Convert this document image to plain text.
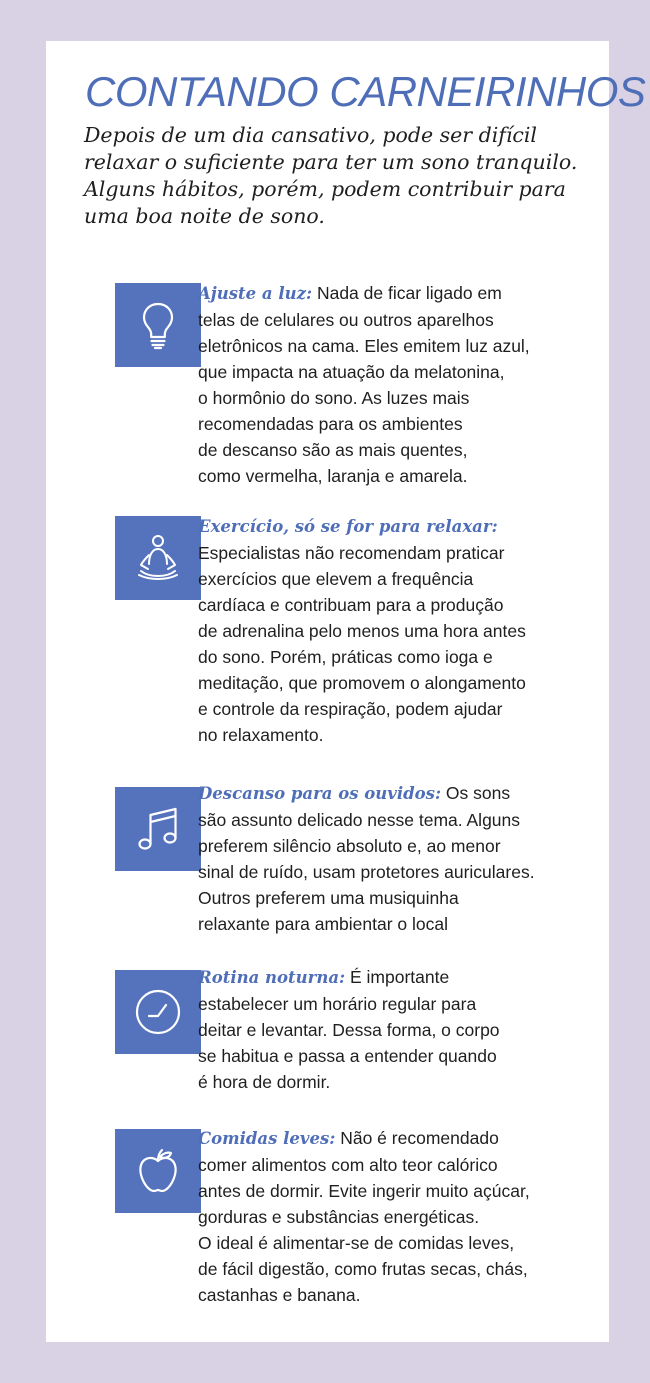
CONTANDO CARNEIRINHOS

Depois de um dia cansativo, pode ser difícil relaxar o suficiente para ter um sono tranquilo. Alguns hábitos, porém, podem contribuir para uma boa noite de sono.

Ajuste a luz: Nada de ficar ligado em
telas de celulares ou outros aparelhos
eletrônicos na cama. Eles emitem luz azul,
que impacta na atuação da melatonina,
o hormônio do sono. As luzes mais
recomendadas para os ambientes
de descanso são as mais quentes,
como vermelha, laranja e amarela.
Exercício, só se for para relaxar:
Especialistas não recomendam praticar
exercícios que elevem a frequência
cardíaca e contribuam para a produção
de adrenalina pelo menos uma hora antes
do sono. Porém, práticas como ioga e
meditação, que promovem o alongamento
e controle da respiração, podem ajudar
no relaxamento.
Descanso para os ouvidos: Os sons
são assunto delicado nesse tema. Alguns
preferem silêncio absoluto e, ao menor
sinal de ruído, usam protetores auriculares.
Outros preferem uma musiquinha
relaxante para ambientar o local
Rotina noturna: É importante
estabelecer um horário regular para
deitar e levantar. Dessa forma, o corpo
se habitua e passa a entender quando
é hora de dormir.
Comidas leves: Não é recomendado
comer alimentos com alto teor calórico
antes de dormir. Evite ingerir muito açúcar,
gorduras e substâncias energéticas.
O ideal é alimentar-se de comidas leves,
de fácil digestão, como frutas secas, chás,
castanhas e banana.
